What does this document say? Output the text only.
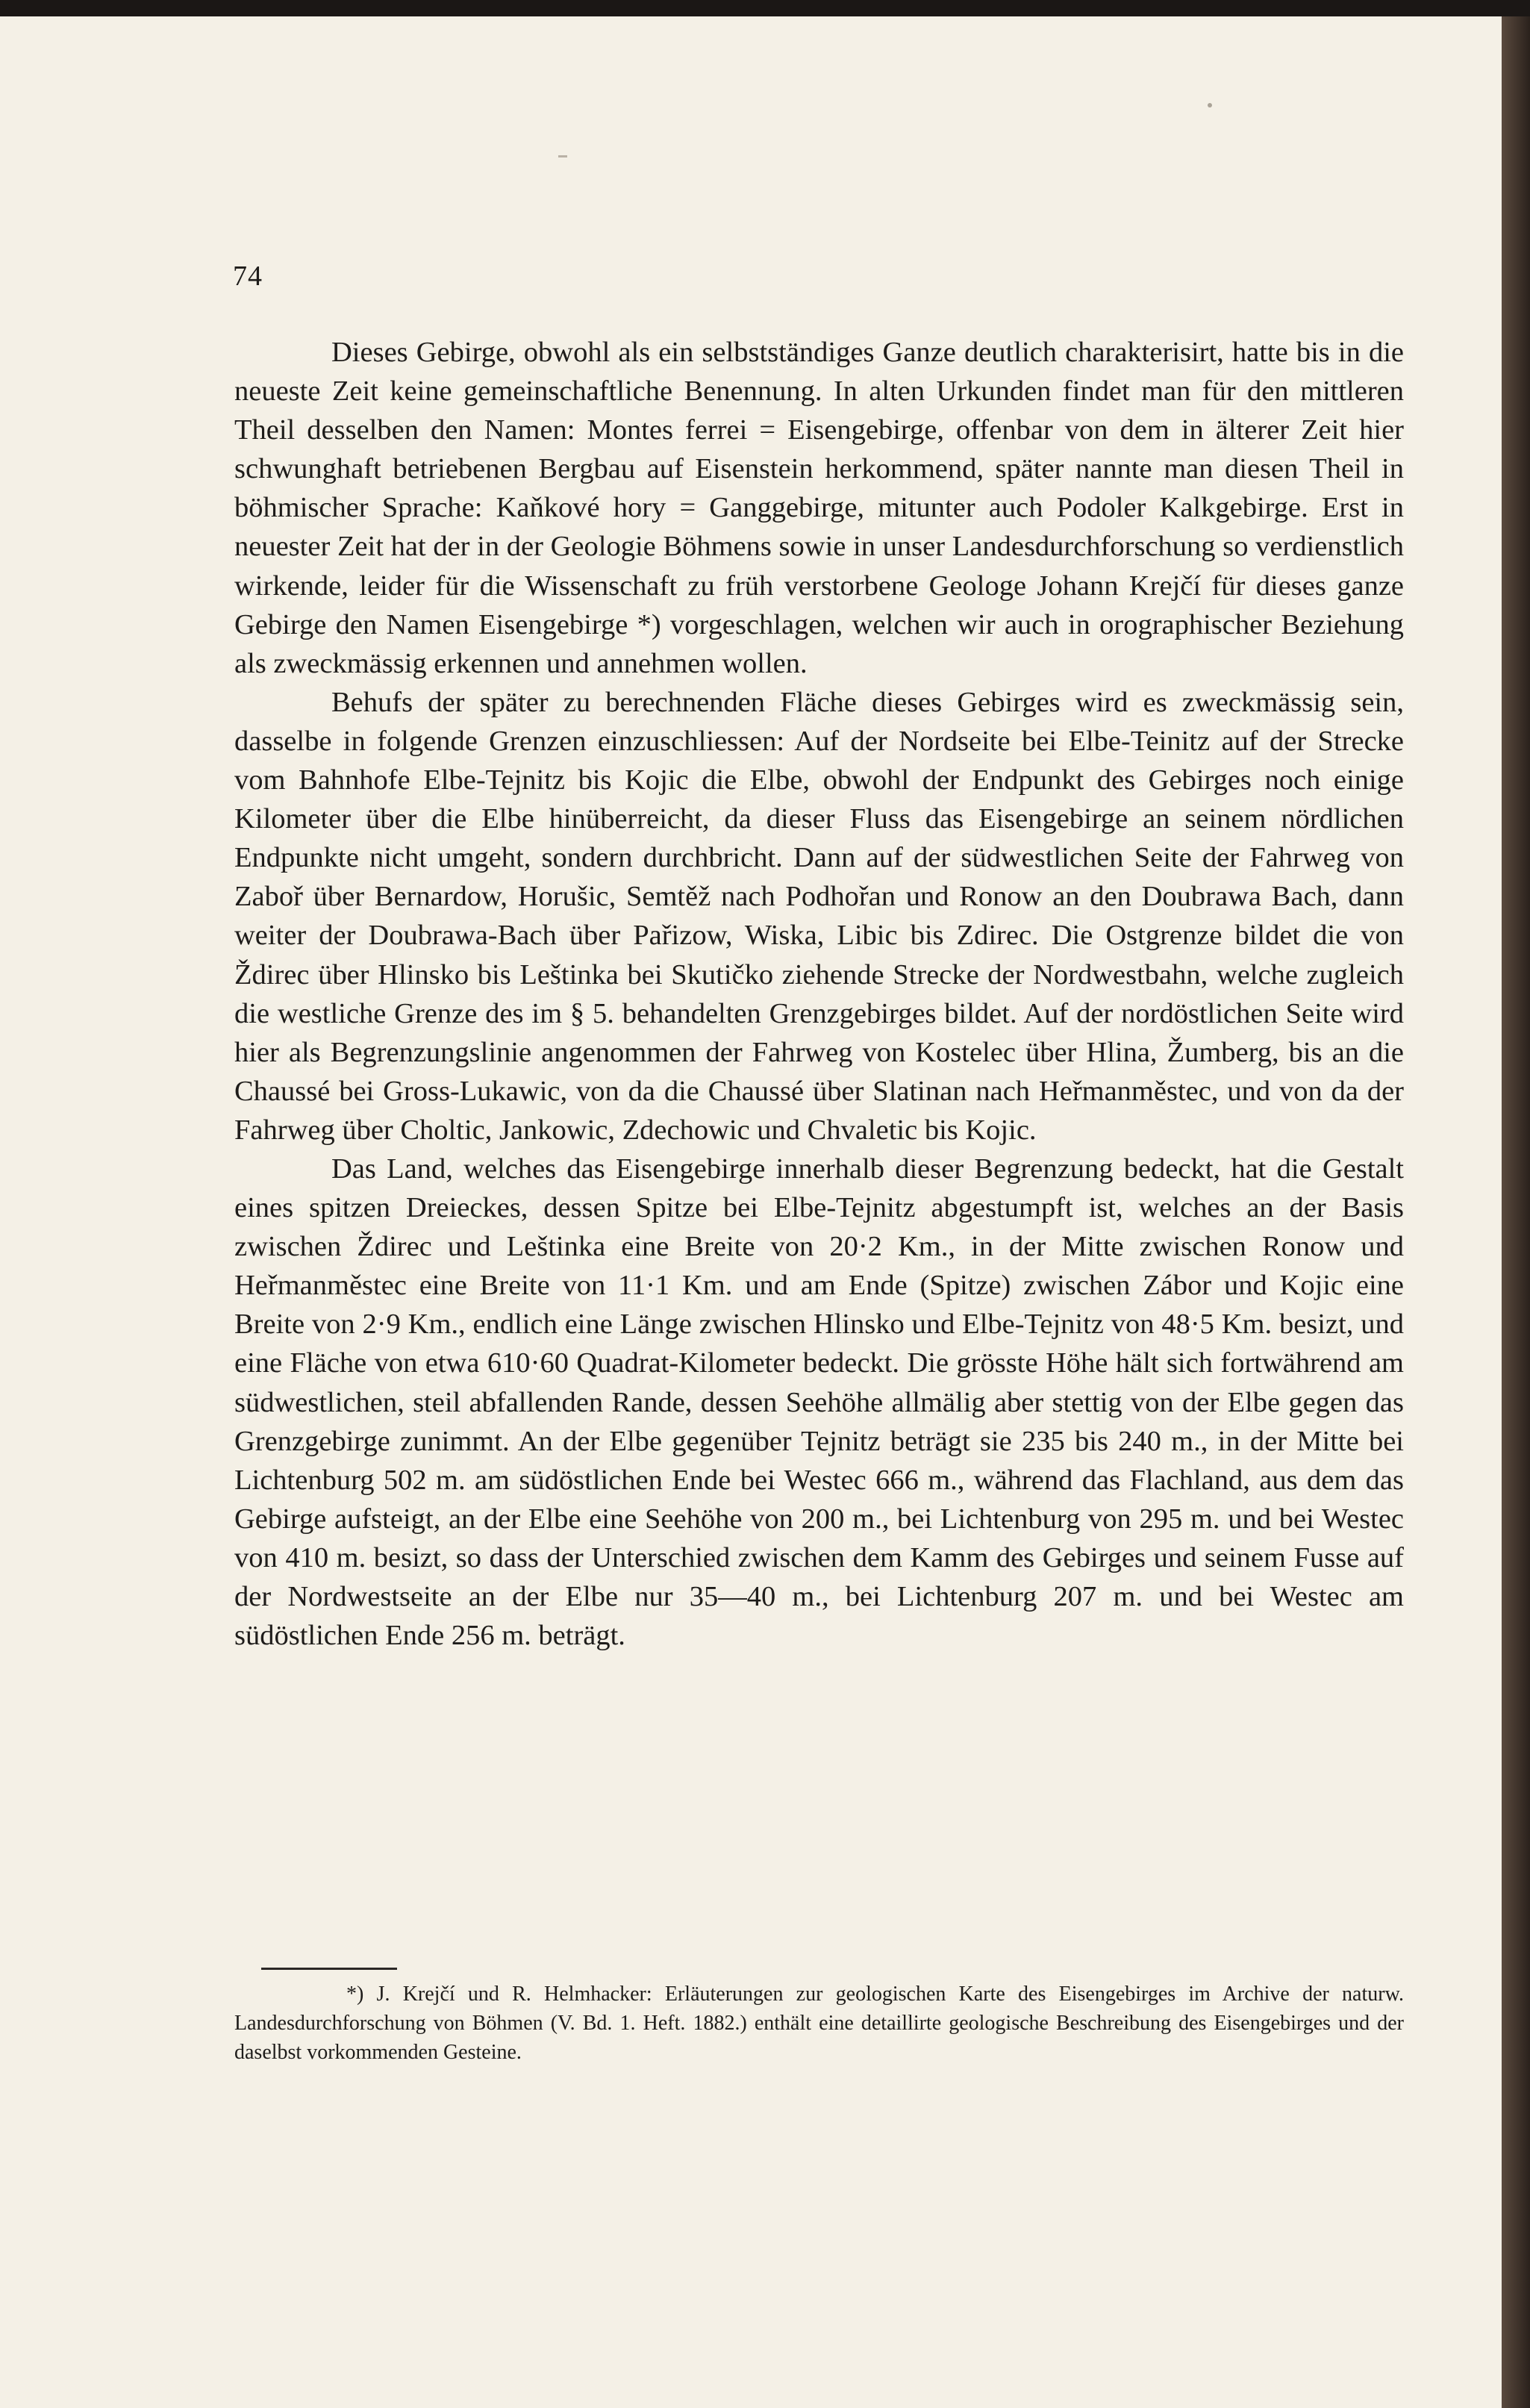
74

Dieses Gebirge, obwohl als ein selbstständiges Ganze deutlich charakterisirt, hatte bis in die neueste Zeit keine gemeinschaftliche Benennung. In alten Urkunden findet man für den mittleren Theil desselben den Namen: Montes ferrei = Eisengebirge, offenbar von dem in älterer Zeit hier schwunghaft betriebenen Bergbau auf Eisenstein herkommend, später nannte man diesen Theil in böhmischer Sprache: Kaňkové hory = Ganggebirge, mitunter auch Podoler Kalkgebirge. Erst in neuester Zeit hat der in der Geologie Böhmens sowie in unser Landesdurchforschung so verdienstlich wirkende, leider für die Wissenschaft zu früh verstorbene Geologe Johann Krejčí für dieses ganze Gebirge den Namen Eisengebirge *) vorgeschlagen, welchen wir auch in orographischer Beziehung als zweckmässig erkennen und annehmen wollen.

Behufs der später zu berechnenden Fläche dieses Gebirges wird es zweckmässig sein, dasselbe in folgende Grenzen einzuschliessen: Auf der Nordseite bei Elbe-Teinitz auf der Strecke vom Bahnhofe Elbe-Tejnitz bis Kojic die Elbe, obwohl der Endpunkt des Gebirges noch einige Kilometer über die Elbe hinüberreicht, da dieser Fluss das Eisengebirge an seinem nördlichen Endpunkte nicht umgeht, sondern durchbricht. Dann auf der südwestlichen Seite der Fahrweg von Zaboř über Bernardow, Horušic, Semtěž nach Podhořan und Ronow an den Doubrawa Bach, dann weiter der Doubrawa-Bach über Pařizow, Wiska, Libic bis Zdirec. Die Ostgrenze bildet die von Ždirec über Hlinsko bis Leštinka bei Skutičko ziehende Strecke der Nordwestbahn, welche zugleich die westliche Grenze des im § 5. behandelten Grenzgebirges bildet. Auf der nordöstlichen Seite wird hier als Begrenzungslinie angenommen der Fahrweg von Kostelec über Hlina, Žumberg, bis an die Chaussé bei Gross-Lukawic, von da die Chaussé über Slatinan nach Heřmanměstec, und von da der Fahrweg über Choltic, Jankowic, Zdechowic und Chvaletic bis Kojic.

Das Land, welches das Eisengebirge innerhalb dieser Begrenzung bedeckt, hat die Gestalt eines spitzen Dreieckes, dessen Spitze bei Elbe-Tejnitz abgestumpft ist, welches an der Basis zwischen Ždirec und Leštinka eine Breite von 20·2 Km., in der Mitte zwischen Ronow und Heřmanměstec eine Breite von 11·1 Km. und am Ende (Spitze) zwischen Zábor und Kojic eine Breite von 2·9 Km., endlich eine Länge zwischen Hlinsko und Elbe-Tejnitz von 48·5 Km. besizt, und eine Fläche von etwa 610·60 Quadrat-Kilometer bedeckt. Die grösste Höhe hält sich fortwährend am südwestlichen, steil abfallenden Rande, dessen Seehöhe allmälig aber stettig von der Elbe gegen das Grenzgebirge zunimmt. An der Elbe gegenüber Tejnitz beträgt sie 235 bis 240 m., in der Mitte bei Lichtenburg 502 m. am südöstlichen Ende bei Westec 666 m., während das Flachland, aus dem das Gebirge aufsteigt, an der Elbe eine Seehöhe von 200 m., bei Lichtenburg von 295 m. und bei Westec von 410 m. besizt, so dass der Unterschied zwischen dem Kamm des Gebirges und seinem Fusse auf der Nordwestseite an der Elbe nur 35—40 m., bei Lichtenburg 207 m. und bei Westec am südöstlichen Ende 256 m. beträgt.

*) J. Krejčí und R. Helmhacker: Erläuterungen zur geologischen Karte des Eisengebirges im Archive der naturw. Landesdurchforschung von Böhmen (V. Bd. 1. Heft. 1882.) enthält eine detaillirte geologische Beschreibung des Eisengebirges und der daselbst vorkommenden Gesteine.
